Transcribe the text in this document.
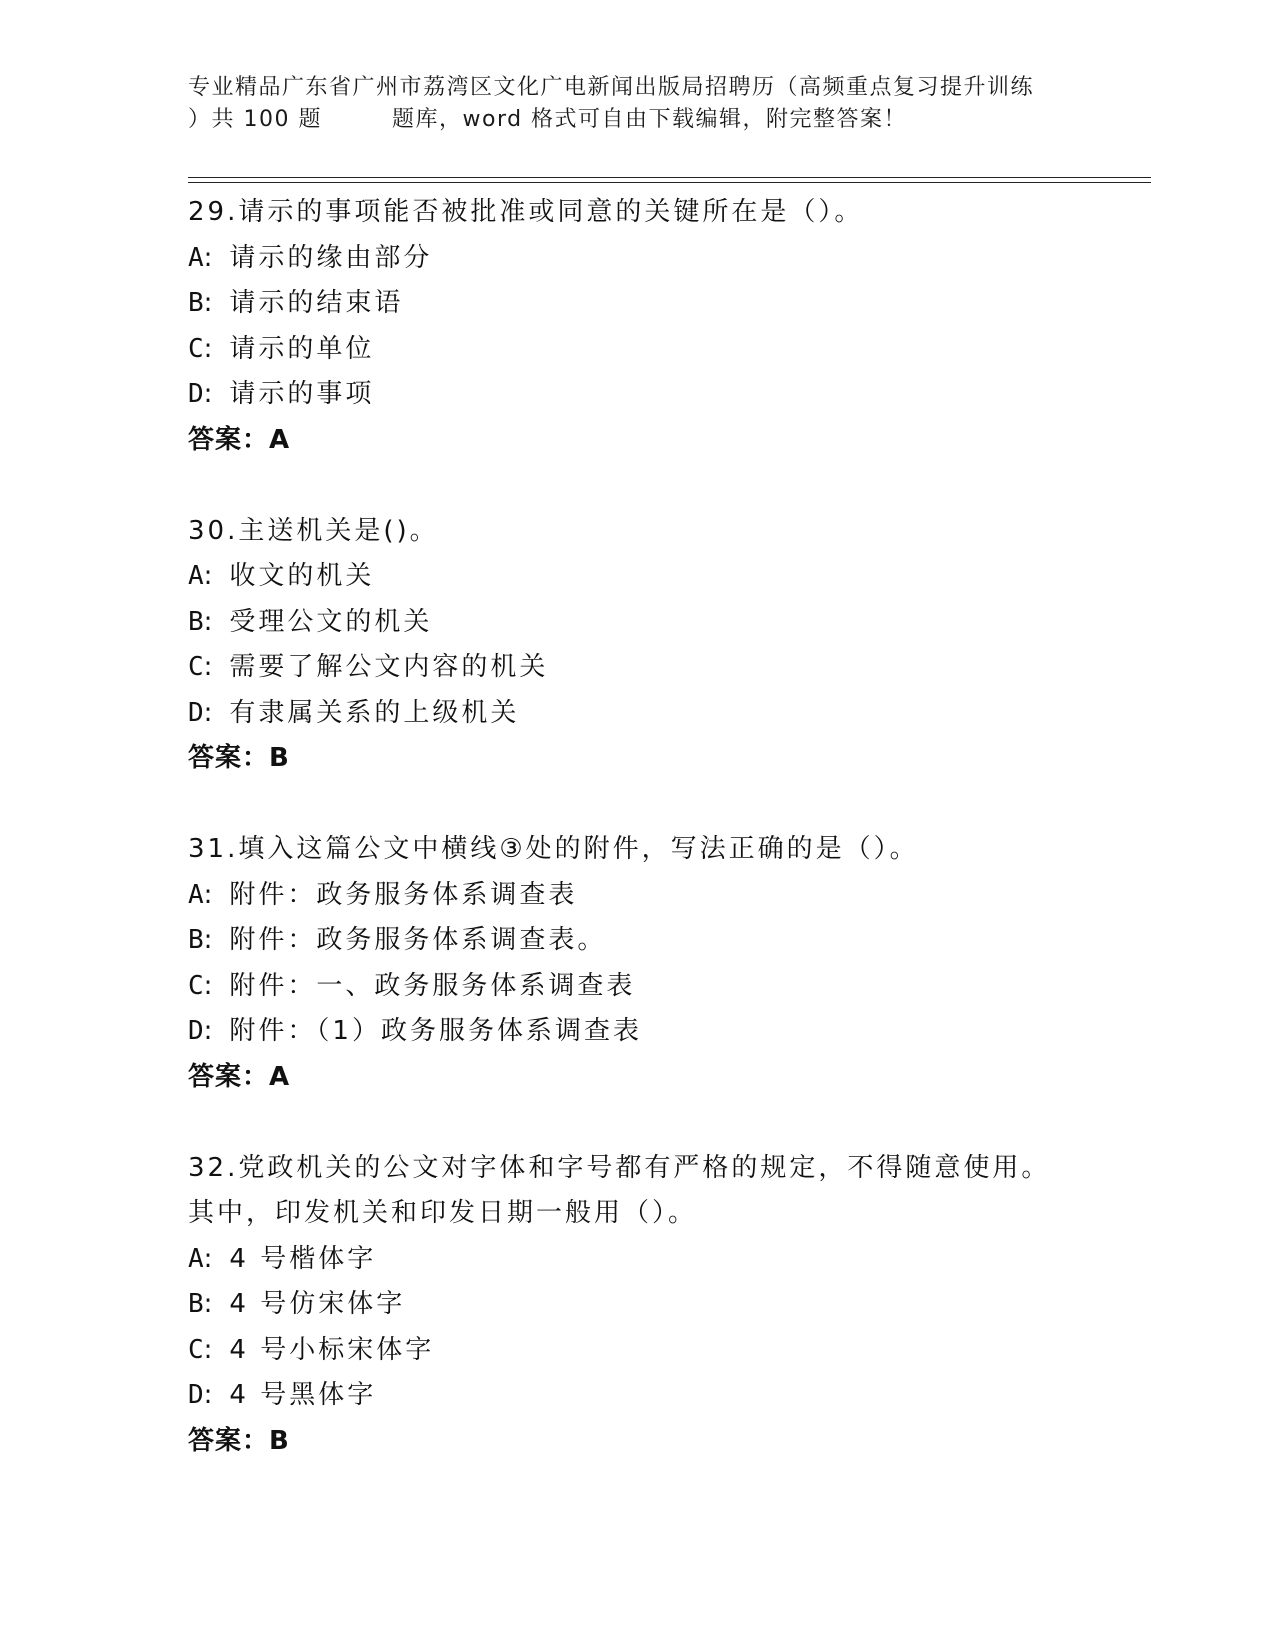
专业精品广东省广州市荔湾区文化广电新闻出版局招聘历（高频重点复习提升训练
）共 100 题	题库，word 格式可自由下载编辑，附完整答案！
29.请示的事项能否被批准或同意的关键所在是（）。
A: 请示的缘由部分
B: 请示的结束语
C: 请示的单位
D: 请示的事项
答案：A
30.主送机关是()。
A: 收文的机关
B: 受理公文的机关
C: 需要了解公文内容的机关
D: 有隶属关系的上级机关
答案：B
31.填入这篇公文中横线③处的附件，写法正确的是（）。
A: 附件：政务服务体系调查表
B: 附件：政务服务体系调查表。
C: 附件：一、政务服务体系调查表
D: 附件：（1）政务服务体系调查表
答案：A
32.党政机关的公文对字体和字号都有严格的规定，不得随意使用。其中，印发机关和印发日期一般用（）。
A: 4 号楷体字
B: 4 号仿宋体字
C: 4 号小标宋体字
D: 4 号黑体字
答案：B
